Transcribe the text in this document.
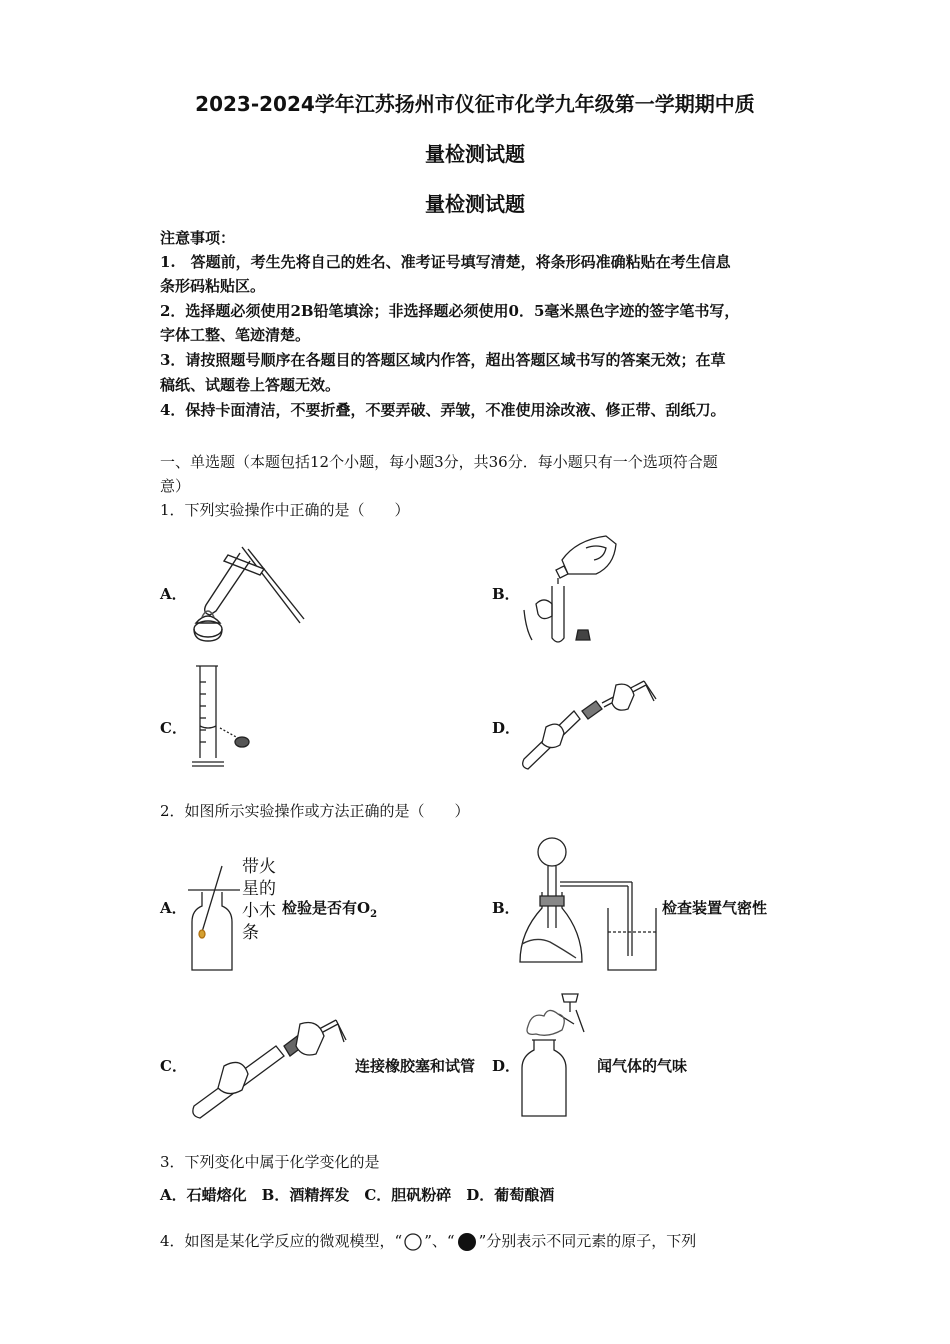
2023-2024学年江苏扬州市仪征市化学九年级第一学期期中质
量检测试题
量检测试题
注意事项：
1.　答题前，考生先将自己的姓名、准考证号填写清楚，将条形码准确粘贴在考生信息
条形码粘贴区。
2．选择题必须使用2B铅笔填涂；非选择题必须使用0．5毫米黑色字迹的签字笔书写，
字体工整、笔迹清楚。
3．请按照题号顺序在各题目的答题区域内作答，超出答题区域书写的答案无效；在草
稿纸、试题卷上答题无效。
4．保持卡面清洁，不要折叠，不要弄破、弄皱，不准使用涂改液、修正带、刮纸刀。
一、单选题（本题包括12个小题，每小题3分，共36分．每小题只有一个选项符合题
意）
1．下列实验操作中正确的是（　　）
A．	B．
C．	D．
2．如图所示实验操作或方法正确的是（　　）
A．	B．
C．	D．
带火星的小木条
检验是否有$O_2$	检查装置气密性
连接橡胶塞和试管	闻气体的气味
3．下列变化中属于化学变化的是
A．石蜡熔化　B．酒精挥发　C．胆矾粉碎　D．葡萄酿酒
4．如图是某化学反应的微观模型，“ ”、“ ”分别表示不同元素的原子，下列
